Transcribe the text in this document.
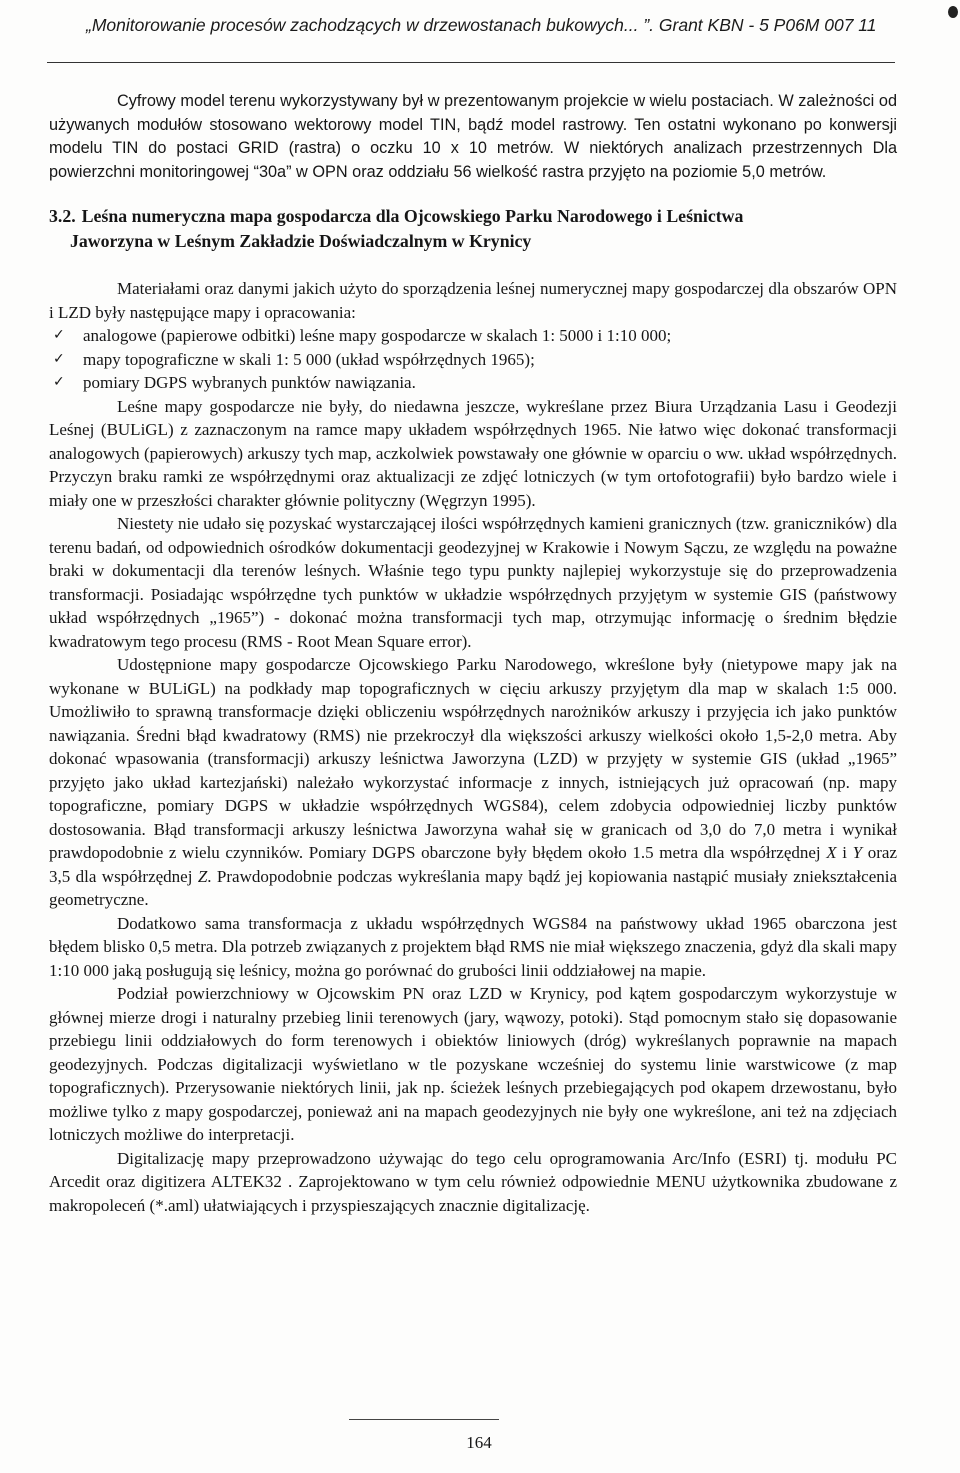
„Monitorowanie procesów zachodzących w drzewostanach bukowych... ”. Grant KBN - 5 P06M 007 11

Cyfrowy model terenu wykorzystywany był w prezentowanym projekcie w wielu postaciach. W zależności od używanych modułów stosowano wektorowy model TIN, bądź model rastrowy. Ten ostatni wykonano po konwersji modelu TIN do postaci GRID (rastra) o oczku 10 x 10 metrów. W niektórych analizach przestrzennych Dla powierzchni monitoringowej “30a” w OPN oraz oddziału 56 wielkość rastra przyjęto na poziomie 5,0 metrów.

3.2. Leśna numeryczna mapa gospodarcza dla Ojcowskiego Parku Narodowego i Leśnictwa
Jaworzyna w Leśnym Zakładzie Doświadczalnym w Krynicy

Materiałami oraz danymi jakich użyto do sporządzenia leśnej numerycznej mapy gospodarczej dla obszarów OPN i LZD były następujące mapy i opracowania:

✓ analogowe (papierowe odbitki) leśne mapy gospodarcze w skalach 1: 5000 i 1:10 000;
✓ mapy topograficzne w skali 1: 5 000 (układ współrzędnych 1965);
✓ pomiary DGPS wybranych punktów nawiązania.

Leśne mapy gospodarcze nie były, do niedawna jeszcze, wykreślane przez Biura Urządzania Lasu i Geodezji Leśnej (BULiGL) z zaznaczonym na ramce mapy układem współrzędnych 1965. Nie łatwo więc dokonać transformacji analogowych (papierowych) arkuszy tych map, aczkolwiek powstawały one głównie w oparciu o ww. układ współrzędnych. Przyczyn braku ramki ze współrzędnymi oraz aktualizacji ze zdjęć lotniczych (w tym ortofotografii) było bardzo wiele i miały one w przeszłości charakter głównie polityczny (Węgrzyn 1995).

Niestety nie udało się pozyskać wystarczającej ilości współrzędnych kamieni granicznych (tzw. graniczników) dla terenu badań, od odpowiednich ośrodków dokumentacji geodezyjnej w Krakowie i Nowym Sączu, ze względu na poważne braki w dokumentacji dla terenów leśnych. Właśnie tego typu punkty najlepiej wykorzystuje się do przeprowadzenia transformacji. Posiadając współrzędne tych punktów w układzie współrzędnych przyjętym w systemie GIS (państwowy układ współrzędnych „1965”) - dokonać można transformacji tych map, otrzymując informację o średnim błędzie kwadratowym tego procesu (RMS - Root Mean Square error).

Udostępnione mapy gospodarcze Ojcowskiego Parku Narodowego, wkreślone były (nietypowe mapy jak na wykonane w BULiGL) na podkłady map topograficznych w cięciu arkuszy przyjętym dla map w skalach 1:5 000. Umożliwiło to sprawną transformacje dzięki obliczeniu współrzędnych narożników arkuszy i przyjęcia ich jako punktów nawiązania. Średni błąd kwadratowy (RMS) nie przekroczył dla większości arkuszy wielkości około 1,5-2,0 metra. Aby dokonać wpasowania (transformacji) arkuszy leśnictwa Jaworzyna (LZD) w przyjęty w systemie GIS (układ „1965” przyjęto jako układ kartezjański) należało wykorzystać informacje z innych, istniejących już opracowań (np. mapy topograficzne, pomiary DGPS w układzie współrzędnych WGS84), celem zdobycia odpowiedniej liczby punktów dostosowania. Błąd transformacji arkuszy leśnictwa Jaworzyna wahał się w granicach od 3,0 do 7,0 metra i wynikał prawdopodobnie z wielu czynników. Pomiary DGPS obarczone były błędem około 1.5 metra dla współrzędnej X i Y oraz 3,5 dla współrzędnej Z. Prawdopodobnie podczas wykreślania mapy bądź jej kopiowania nastąpić musiały zniekształcenia geometryczne.

Dodatkowo sama transformacja z układu współrzędnych WGS84 na państwowy układ 1965 obarczona jest błędem blisko 0,5 metra. Dla potrzeb związanych z projektem błąd RMS nie miał większego znaczenia, gdyż dla skali mapy 1:10 000 jaką posługują się leśnicy, można go porównać do grubości linii oddziałowej na mapie.

Podział powierzchniowy w Ojcowskim PN oraz LZD w Krynicy, pod kątem gospodarczym wykorzystuje w głównej mierze drogi i naturalny przebieg linii terenowych (jary, wąwozy, potoki). Stąd pomocnym stało się dopasowanie przebiegu linii oddziałowych do form terenowych i obiektów liniowych (dróg) wykreślanych poprawnie na mapach geodezyjnych. Podczas digitalizacji wyświetlano w tle pozyskane wcześniej do systemu linie warstwicowe (z map topograficznych). Przerysowanie niektórych linii, jak np. ścieżek leśnych przebiegających pod okapem drzewostanu, było możliwe tylko z mapy gospodarczej, ponieważ ani na mapach geodezyjnych nie były one wykreślone, ani też na zdjęciach lotniczych możliwe do interpretacji.

Digitalizację mapy przeprowadzono używając do tego celu oprogramowania Arc/Info (ESRI) tj. modułu PC Arcedit oraz digitizera ALTEK32 . Zaprojektowano w tym celu również odpowiednie MENU użytkownika zbudowane z makropoleceń (*.aml) ułatwiających i przyspieszających znacznie digitalizację.

164
